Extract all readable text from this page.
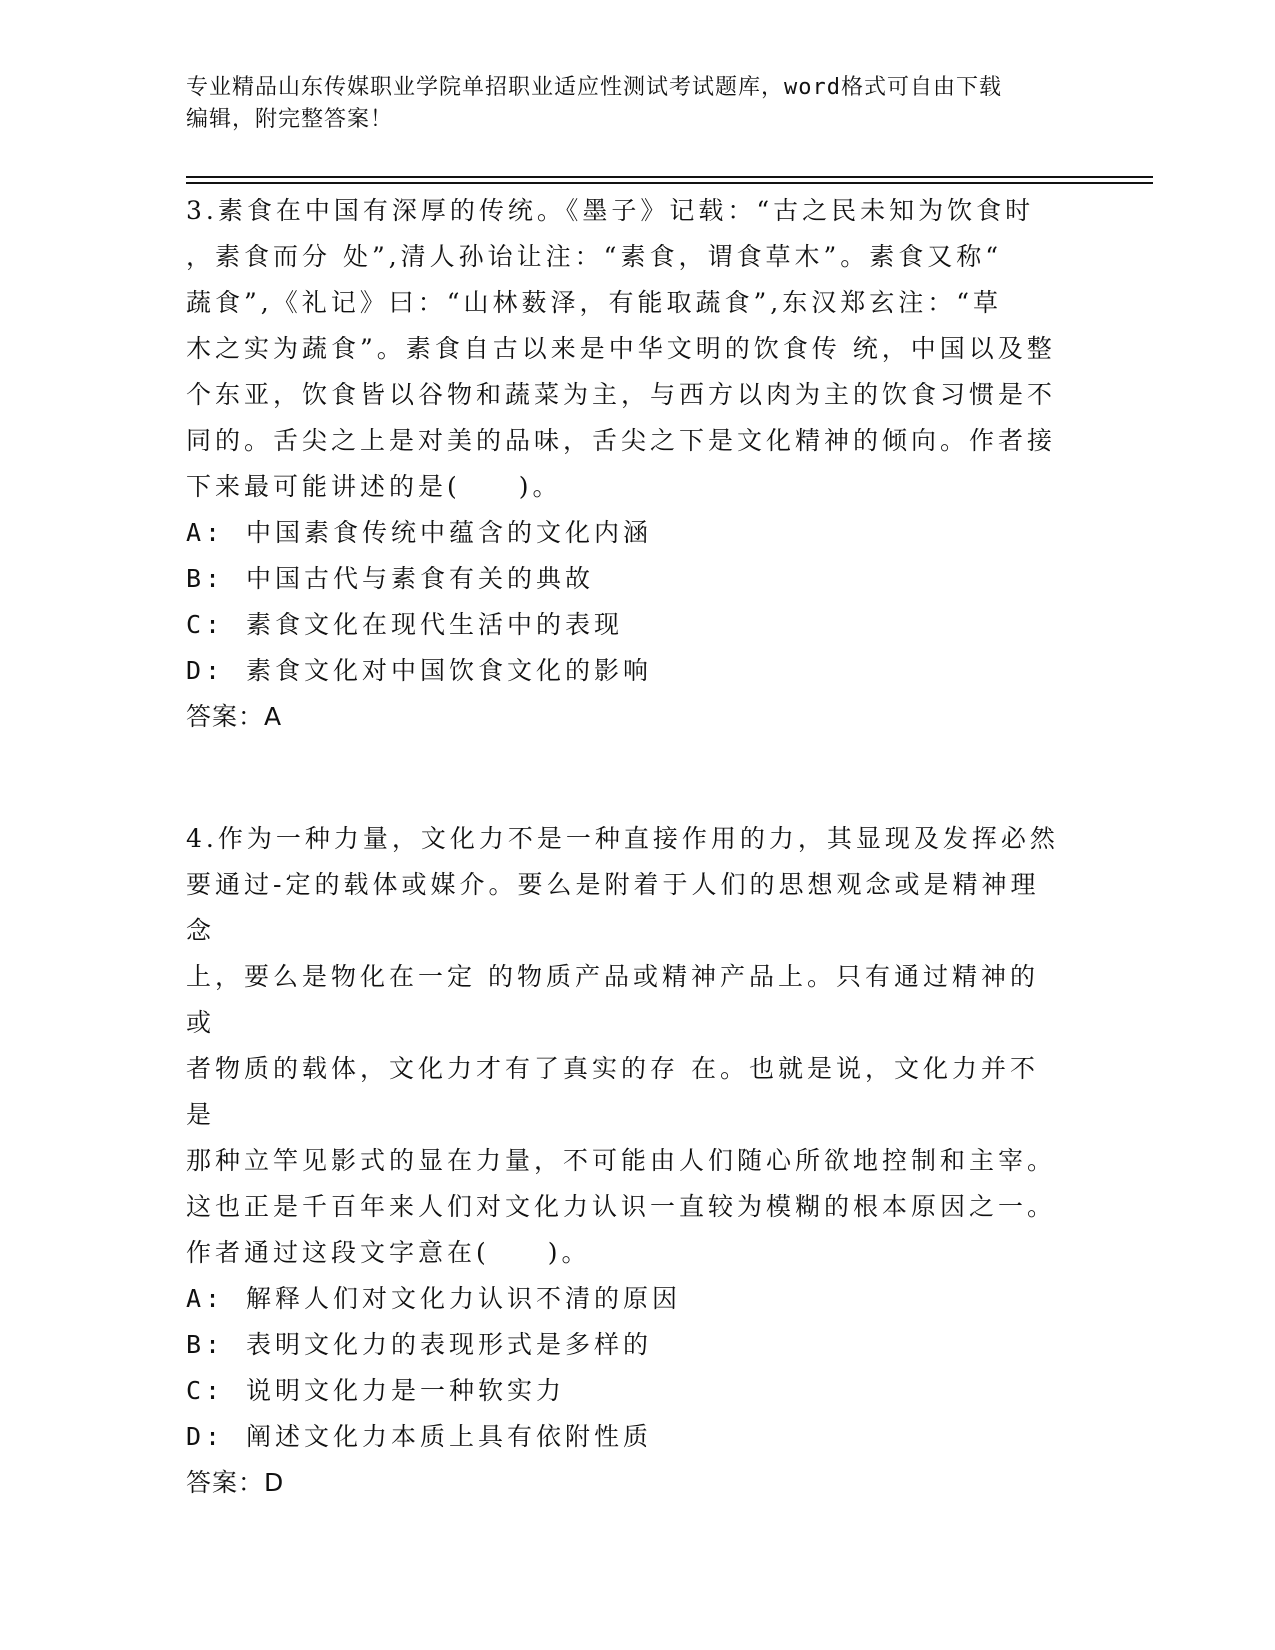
专业精品山东传媒职业学院单招职业适应性测试考试题库，word格式可自由下载
编辑，附完整答案！

3.素食在中国有深厚的传统。《墨子》记载：“古之民未知为饮食时

，素食而分 处”,清人孙诒让注：“素食，谓食草木”。素食又称“

蔬食”,《礼记》曰：“山林薮泽，有能取蔬食”,东汉郑玄注：“草

木之实为蔬食”。素食自古以来是中华文明的饮食传 统，中国以及整

个东亚，饮食皆以谷物和蔬菜为主，与西方以肉为主的饮食习惯是不

同的。舌尖之上是对美的品味，舌尖之下是文化精神的倾向。作者接

下来最可能讲述的是(　　)。

A: 中国素食传统中蕴含的文化内涵
B: 中国古代与素食有关的典故
C: 素食文化在现代生活中的表现
D: 素食文化对中国饮食文化的影响

答案：A

4.作为一种力量，文化力不是一种直接作用的力，其显现及发挥必然

要通过-定的载体或媒介。要么是附着于人们的思想观念或是精神理念

上，要么是物化在一定 的物质产品或精神产品上。只有通过精神的或

者物质的载体，文化力才有了真实的存 在。也就是说，文化力并不是

那种立竿见影式的显在力量，不可能由人们随心所欲地控制和主宰。

这也正是千百年来人们对文化力认识一直较为模糊的根本原因之一。

作者通过这段文字意在(　　)。

A: 解释人们对文化力认识不清的原因
B: 表明文化力的表现形式是多样的
C: 说明文化力是一种软实力
D: 阐述文化力本质上具有依附性质

答案：D
